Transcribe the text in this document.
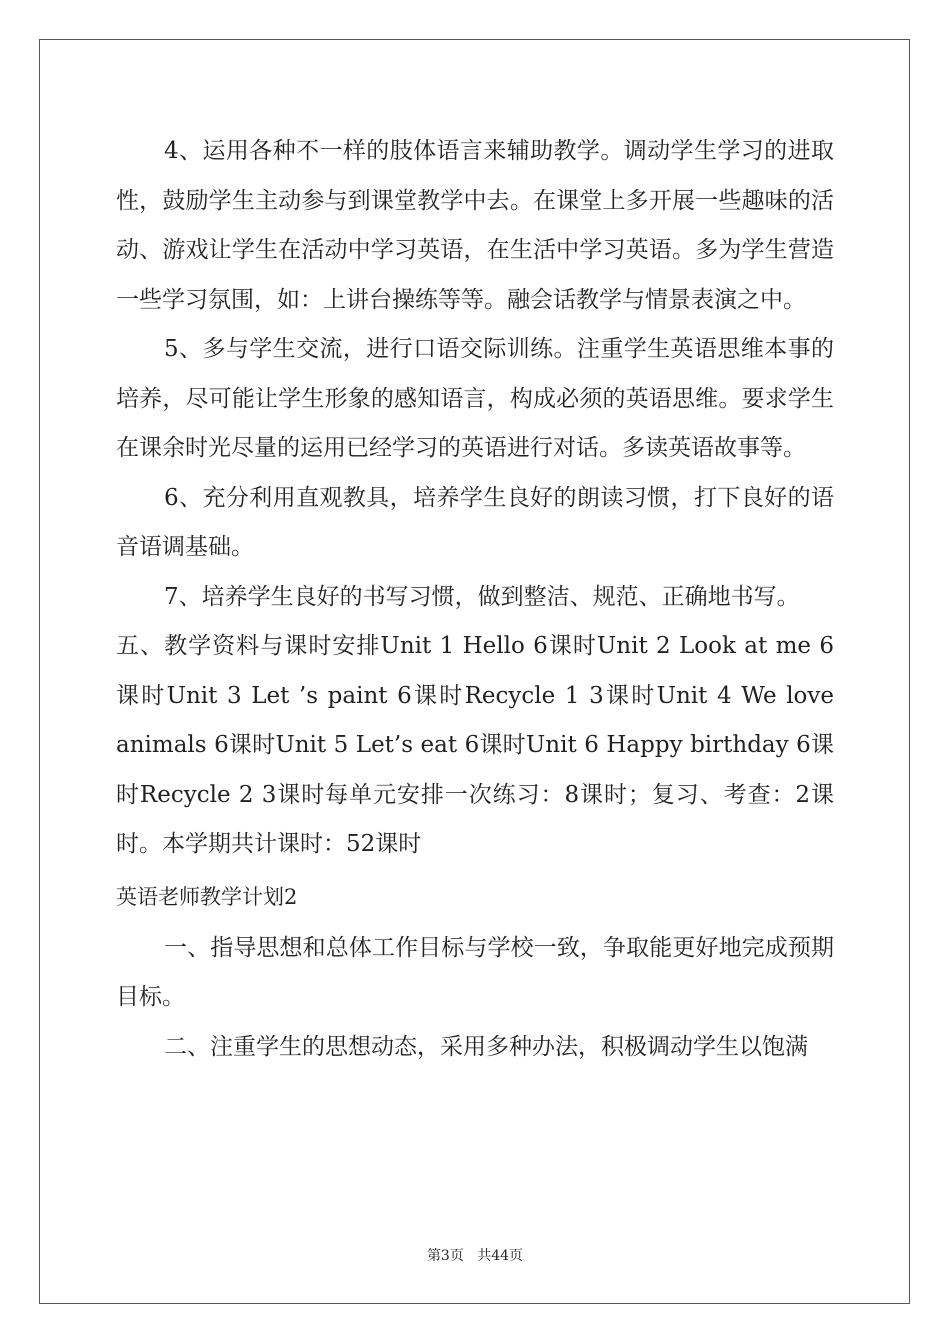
4、运用各种不一样的肢体语言来辅助教学。调动学生学习的进取性，鼓励学生主动参与到课堂教学中去。在课堂上多开展一些趣味的活动、游戏让学生在活动中学习英语，在生活中学习英语。多为学生营造一些学习氛围，如：上讲台操练等等。融会话教学与情景表演之中。

5、多与学生交流，进行口语交际训练。注重学生英语思维本事的培养，尽可能让学生形象的感知语言，构成必须的英语思维。要求学生在课余时光尽量的运用已经学习的英语进行对话。多读英语故事等。

6、充分利用直观教具，培养学生良好的朗读习惯，打下良好的语音语调基础。

7、培养学生良好的书写习惯，做到整洁、规范、正确地书写。

五、教学资料与课时安排Unit 1 Hello 6课时Unit 2 Look at me 6课时Unit 3 Let ’s paint 6课时Recycle 1 3课时Unit 4 We love animals 6课时Unit 5 Let’s eat 6课时Unit 6 Happy birthday 6课时Recycle 2 3课时每单元安排一次练习：8课时；复习、考查：2课时。本学期共计课时：52课时

英语老师教学计划2

一、指导思想和总体工作目标与学校一致，争取能更好地完成预期目标。

二、注重学生的思想动态，采用多种办法，积极调动学生以饱满

第3页 共44页
